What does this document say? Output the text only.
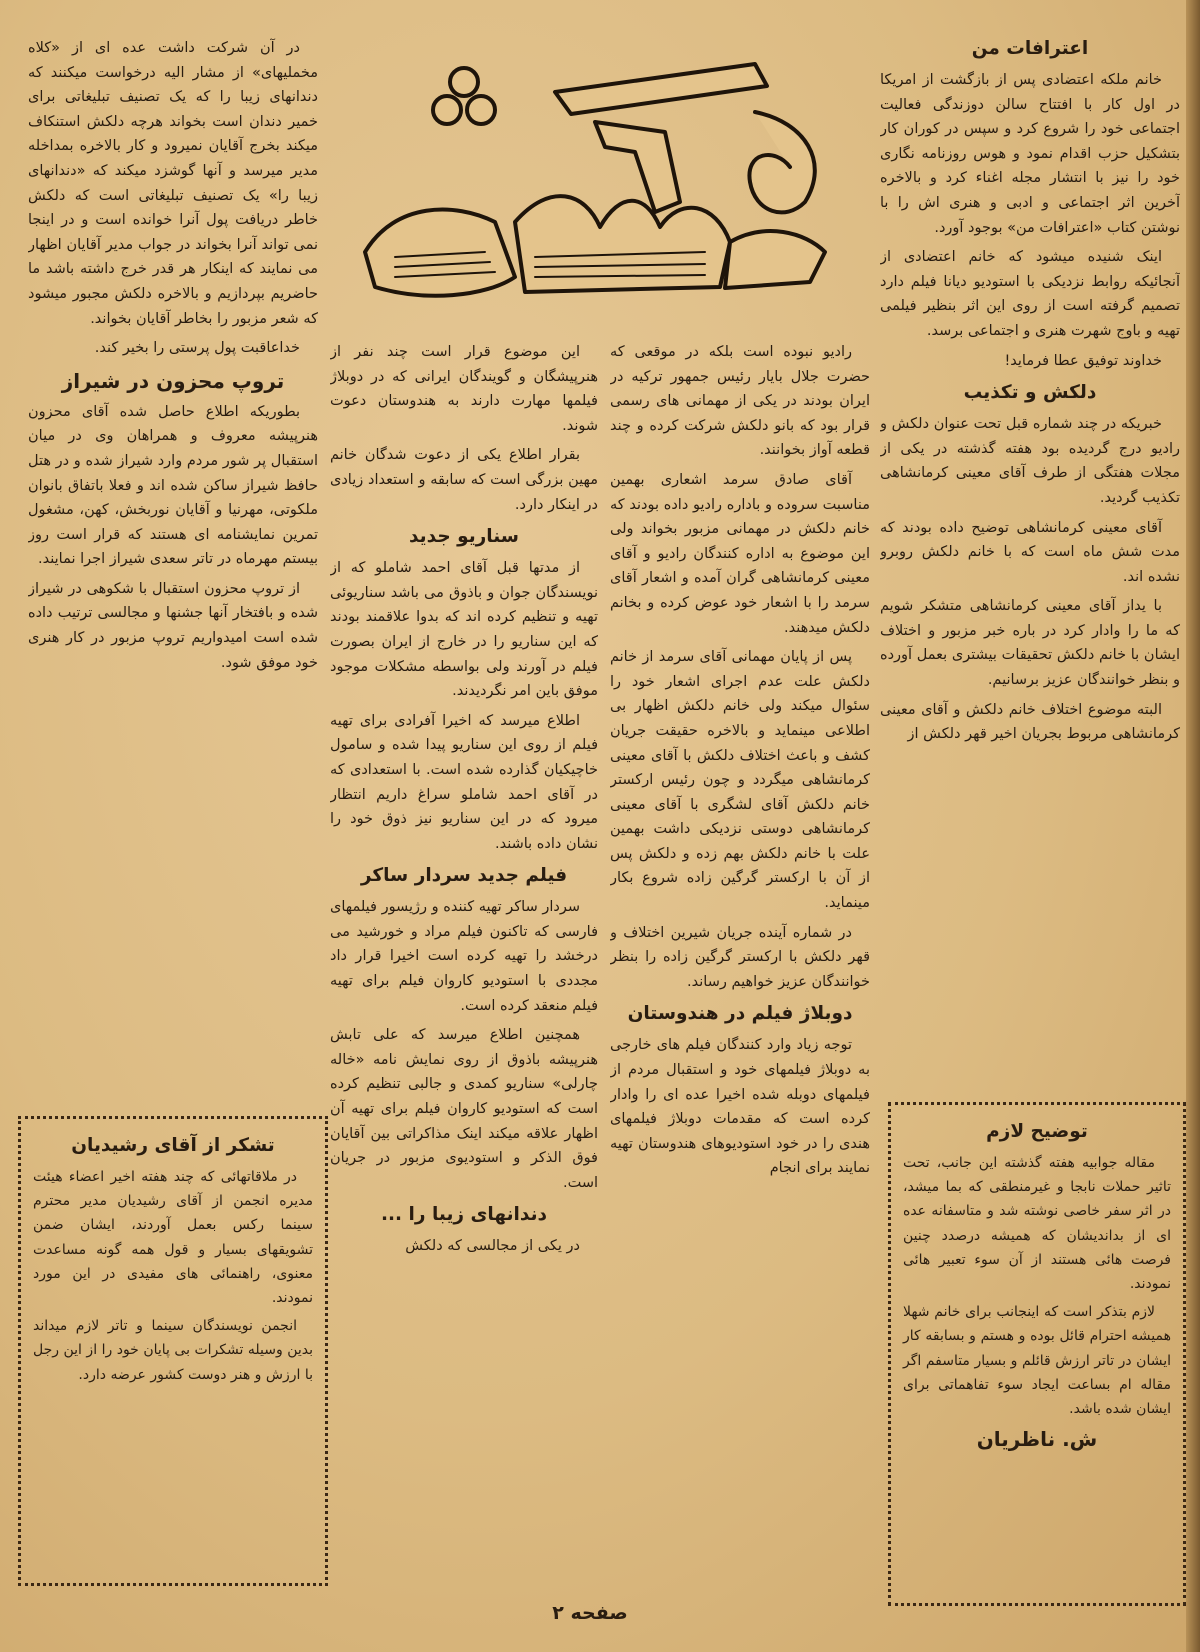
اعترافات من

خانم ملکه اعتضادی پس از بازگشت از امریکا در اول کار با افتتاح سالن دوزندگی فعالیت اجتماعی خود را شروع کرد و سپس در کوران کار بتشکیل حزب اقدام نمود و هوس روزنامه نگاری خود را نیز با انتشار مجله اغناء کرد و بالاخره آخرین اثر اجتماعی و ادبی و هنری اش را با نوشتن کتاب «اعترافات من» بوجود آورد.

اینک شنیده میشود که خانم اعتضادی از آنجائیکه روابط نزدیکی با استودیو دیانا فیلم دارد تصمیم گرفته است از روی این اثر بنظیر فیلمی تهیه و باوج شهرت هنری و اجتماعی برسد.

خداوند توفیق عطا فرماید!

دلکش و تکذیب

خبریکه در چند شماره قبل تحت عنوان دلکش و رادیو درج گردیده بود هفته گذشته در یکی از مجلات هفتگی از طرف آقای معینی کرمانشاهی تکذیب گردید.

آقای معینی کرمانشاهی توضیح داده بودند که مدت شش ماه است که با خانم دلکش روبرو نشده اند.

با یداز آقای معینی کرمانشاهی متشکر شویم که ما را وادار کرد در باره خبر مزبور و اختلاف ایشان با خانم دلکش تحقیقات بیشتری بعمل آورده و بنظر خوانندگان عزیز برسانیم.

البته موضوع اختلاف خانم دلکش و آقای معینی کرمانشاهی مربوط بجریان اخیر قهر دلکش از

توضیح لازم

مقاله جوابیه هفته گذشته این جانب، تحت تاثیر حملات نابجا و غیرمنطقی که بما میشد، در اثر سفر خاصی نوشته شد و متاسفانه عده ای از بدانديشان که همیشه درصدد چنین فرصت هائی هستند از آن سوء تعبیر هائی نمودند.

لازم بتذکر است که اینجانب برای خانم شهلا همیشه احترام قائل بوده و هستم و بسابقه کار ایشان در تاتر ارزش قائلم و بسیار متاسفم اگر مقاله ام بساعت ایجاد سوء تفاهماتی برای ایشان شده باشد.

ش. ناظریان

رادیو نبوده است بلکه در موقعی که حضرت جلال بایار رئیس جمهور ترکیه در ایران بودند در یکی از مهمانی های رسمی قرار بود که بانو دلکش شرکت کرده و چند قطعه آواز بخوانند.

آقای صادق سرمد اشعاری بهمین مناسبت سروده و باداره رادیو داده بودند که خانم دلکش در مهمانی مزبور بخواند ولی این موضوع به اداره کنندگان رادیو و آقای معینی کرمانشاهی گران آمده و اشعار آقای سرمد را با اشعار خود عوض کرده و بخانم دلکش میدهند.

پس از پایان مهمانی آقای سرمد از خانم دلکش علت عدم اجرای اشعار خود را سئوال میکند ولی خانم دلکش اظهار بی اطلاعی مینماید و بالاخره حقیقت جریان کشف و باعث اختلاف دلکش با آقای معینی کرمانشاهی میگردد و چون رئیس ارکستر خانم دلکش آقای لشگری با آقای معینی کرمانشاهی دوستی نزدیکی داشت بهمین علت با خانم دلکش بهم زده و دلکش پس از آن با ارکستر گرگین زاده شروع بکار مینماید.

در شماره آینده جریان شیرین اختلاف و قهر دلکش با ارکستر گرگین زاده را بنظر خوانندگان عزیز خواهیم رساند.

دوبلاژ فیلم در هندوستان

توجه زیاد وارد کنندگان فیلم های خارجی به دوبلاژ فیلمهای خود و استقبال مردم از فیلمهای دوبله شده اخیرا عده ای را وادار کرده است که مقدمات دوبلاژ فیلمهای هندی را در خود استودیوهای هندوستان تهیه نمایند برای انجام

این موضوع قرار است چند نفر از هنرپیشگان و گویندگان ایرانی که در دوبلاژ فیلمها مهارت دارند به هندوستان دعوت شوند.

بقرار اطلاع یکی از دعوت شدگان خانم مهین بزرگی است که سابقه و استعداد زیادی در اینکار دارد.

سناریو جدید

از مدتها قبل آقای احمد شاملو که از نویسندگان جوان و باذوق می باشد سناریوئی تهیه و تنظیم کرده اند که بدوا علاقمند بودند که این سناریو را در خارج از ایران بصورت فیلم در آورند ولی بواسطه مشکلات موجود موفق باین امر نگردیدند.

اطلاع میرسد که اخیرا آفرادی برای تهیه فیلم از روی این سناریو پیدا شده و سامول خاچیکیان گذارده شده است. با استعدادی که در آقای احمد شاملو سراغ داریم انتظار میرود که در این سناریو نیز ذوق خود را نشان داده باشند.

فیلم جدید سردار ساکر

سردار ساکر تهیه کننده و رژیسور فیلمهای فارسی که تاکنون فیلم مراد و خورشید می درخشد را تهیه کرده است اخیرا قرار داد مجددی با استودیو کاروان فیلم برای تهیه فیلم منعقد کرده است.

همچنین اطلاع میرسد که علی تابش هنرپیشه باذوق از روی نمایش نامه «خاله چارلی» سناریو کمدی و جالبی تنظیم کرده است که استودیو کاروان فیلم برای تهیه آن اظهار علاقه میکند اینک مذاکراتی بین آقایان فوق الذکر و استودیوی مزبور در جریان است.

دندانهای زیبا را ...

در یکی از مجالسی که دلکش

در آن شرکت داشت عده ای از «کلاه مخملیهای» از مشار الیه درخواست میکنند که دندانهای زیبا را که یک تصنیف تبلیغاتی برای خمیر دندان است بخواند هرچه دلکش استنکاف میکند بخرج آقایان نمیرود و کار بالاخره بمداخله مدیر میرسد و آنها گوشزد میکند که «دندانهای زیبا را» یک تصنیف تبلیغاتی است که دلکش خاطر دریافت پول آنرا خوانده است و در اینجا نمی تواند آنرا بخواند در جواب مدیر آقایان اظهار می نمایند که اینکار هر قدر خرج داشته باشد ما حاضریم بپردازیم و بالاخره دلکش مجبور میشود که شعر مزبور را بخاطر آقایان بخواند.

خداعاقبت پول پرستی را بخیر کند.

تروپ محزون در شیراز

بطوریکه اطلاع حاصل شده آقای محزون هنرپیشه معروف و همراهان وی در میان استقبال پر شور مردم وارد شیراز شده و در هتل حافظ شیراز ساکن شده اند و فعلا باتفاق بانوان ملکوتی، مهرنیا و آقایان نوربخش، کهن، مشغول تمرین نمایشنامه ای هستند که قرار است روز بیستم مهرماه در تاتر سعدی شیراز اجرا نمایند.

از تروپ محزون استقبال با شکوهی در شیراز شده و بافتخار آنها جشنها و مجالسی ترتیب داده شده است امیدواریم تروپ مزبور در کار هنری خود موفق شود.

تشکر از آقای رشیدیان

در ملاقاتهائی که چند هفته اخیر اعضاء هیئت مدیره انجمن از آقای رشیدیان مدیر محترم سینما رکس بعمل آوردند، ایشان ضمن تشویقهای بسیار و قول همه گونه مساعدت معنوی، راهنمائی های مفیدی در این مورد نمودند.

انجمن نویسندگان سینما و تاتر لازم میداند بدین وسیله تشکرات بی پایان خود را از این رجل با ارزش و هنر دوست کشور عرضه دارد.

صفحه ۲
